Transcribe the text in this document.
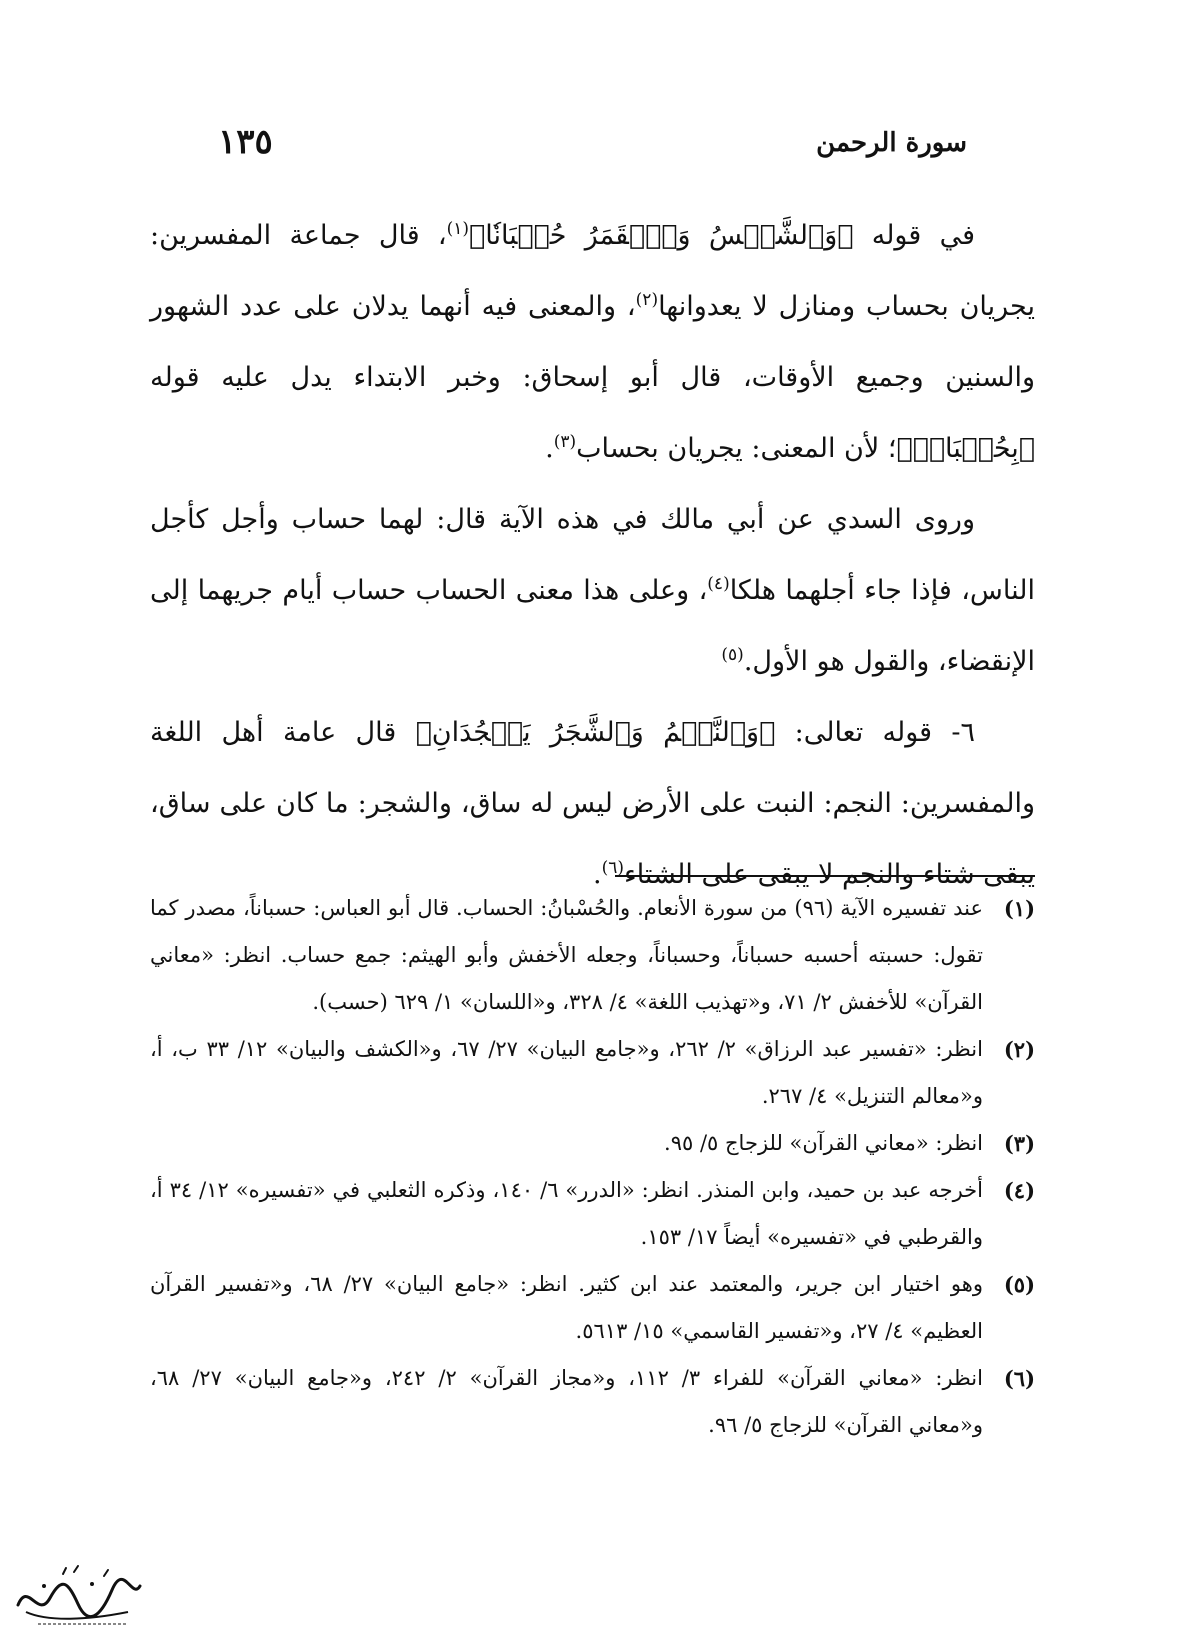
سورة الرحمن
١٣٥

في قوله ﴿وَٱلشَّمۡسُ وَٱلۡقَمَرُ حُسۡبَانٗا﴾$^{(١)}$، قال جماعة المفسرين: يجريان بحساب ومنازل لا يعدوانها$^{(٢)}$، والمعنى فيه أنهما يدلان على عدد الشهور والسنين وجميع الأوقات، قال أبو إسحاق: وخبر الابتداء يدل عليه قوله ﴿بِحُسۡبَانٖ﴾؛ لأن المعنى: يجريان بحساب$^{(٣)}$.

وروى السدي عن أبي مالك في هذه الآية قال: لهما حساب وأجل كأجل الناس، فإذا جاء أجلهما هلكا$^{(٤)}$، وعلى هذا معنى الحساب حساب أيام جريهما إلى الإنقضاء، والقول هو الأول.$^{(٥)}$

٦- قوله تعالى: ﴿وَٱلنَّجۡمُ وَٱلشَّجَرُ يَسۡجُدَانِ﴾ قال عامة أهل اللغة والمفسرين: النجم: النبت على الأرض ليس له ساق، والشجر: ما كان على ساق، يبقى شتاء والنجم لا يبقى على الشتاء$^{(٦)}$.

(١)
عند تفسيره الآية (٩٦) من سورة الأنعام. والحُسْبانُ: الحساب. قال أبو العباس: حسباناً، مصدر كما تقول: حسبته أحسبه حسباناً، وحسباناً، وجعله الأخفش وأبو الهيثم: جمع حساب. انظر: «معاني القرآن» للأخفش ٢/ ٧١، و«تهذيب اللغة» ٤/ ٣٢٨، و«اللسان» ١/ ٦٢٩ (حسب).

(٢)
انظر: «تفسير عبد الرزاق» ٢/ ٢٦٢، و«جامع البيان» ٢٧/ ٦٧، و«الكشف والبيان» ١٢/ ٣٣ ب، أ، و«معالم التنزيل» ٤/ ٢٦٧.

(٣)
انظر: «معاني القرآن» للزجاج ٥/ ٩٥.

(٤)
أخرجه عبد بن حميد، وابن المنذر. انظر: «الدرر» ٦/ ١٤٠، وذكره الثعلبي في «تفسيره» ١٢/ ٣٤ أ، والقرطبي في «تفسيره» أيضاً ١٧/ ١٥٣.

(٥)
وهو اختيار ابن جرير، والمعتمد عند ابن كثير. انظر: «جامع البيان» ٢٧/ ٦٨، و«تفسير القرآن العظيم» ٤/ ٢٧، و«تفسير القاسمي» ١٥/ ٥٦١٣.

(٦)
انظر: «معاني القرآن» للفراء ٣/ ١١٢، و«مجاز القرآن» ٢/ ٢٤٢، و«جامع البيان» ٢٧/ ٦٨، و«معاني القرآن» للزجاج ٥/ ٩٦.
